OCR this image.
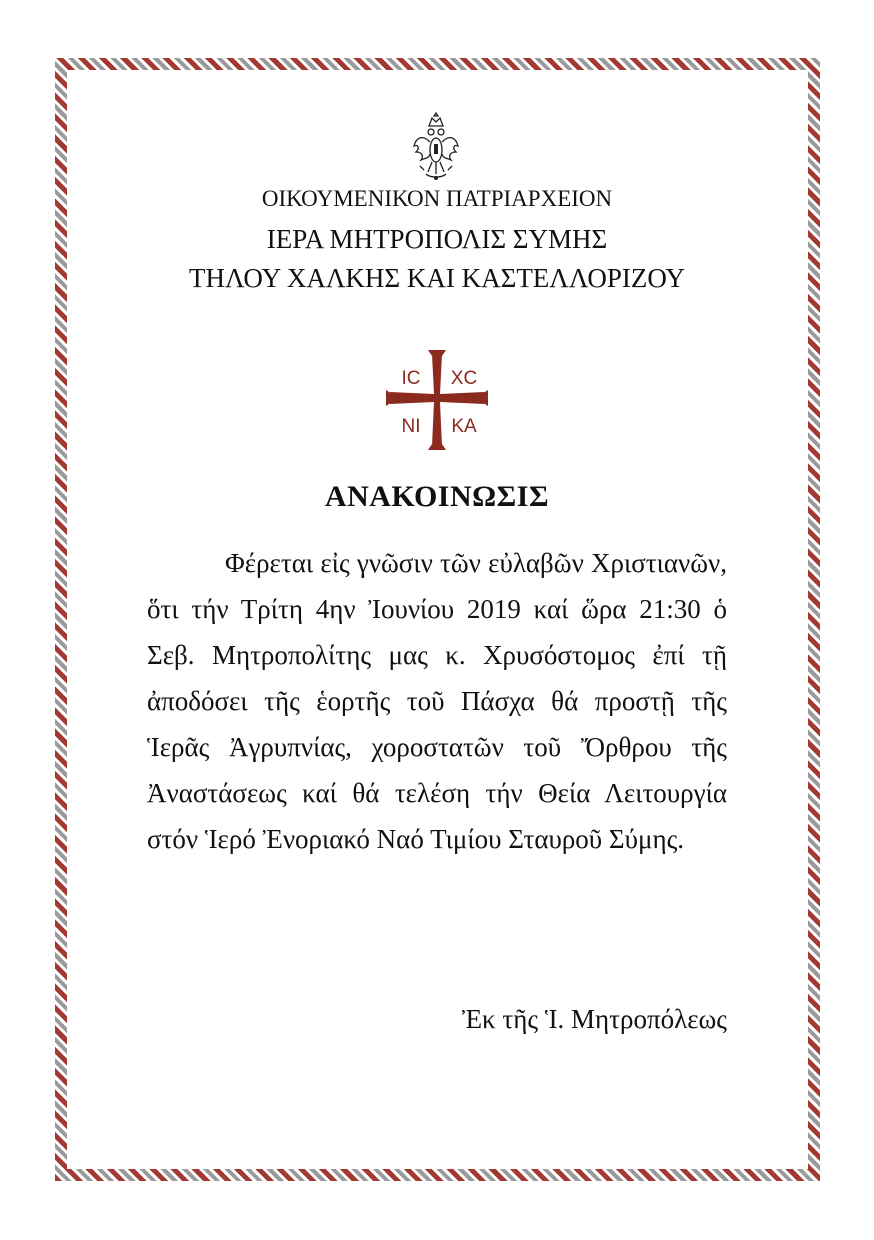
ΟΙΚΟΥΜΕΝΙΚΟΝ ΠΑΤΡΙΑΡΧΕΙΟΝ
ΙΕΡΑ ΜΗΤΡΟΠΟΛΙΣ ΣΥΜΗΣ
ΤΗΛΟΥ ΧΑΛΚΗΣ ΚΑΙ ΚΑΣΤΕΛΛΟΡΙΖΟΥ
IC XC
NI KA
ΑΝΑΚΟΙΝΩΣΙΣ
Φέρεται εἰς γνῶσιν τῶν εὐλαβῶν Χριστιανῶν, ὅτι τήν Τρίτη 4ην Ἰουνίου 2019 καί ὥρα 21:30 ὁ Σεβ. Μητροπολίτης μας κ. Χρυσόστομος ἐπί τῇ ἀποδόσει τῆς ἑορτῆς τοῦ Πάσχα θά προστῇ τῆς Ἱερᾶς Ἀγρυπνίας, χοροστατῶν τοῦ Ὄρθρου τῆς Ἀναστάσεως καί θά τελέση τήν Θεία Λειτουργία στόν Ἱερό Ἐνοριακό Ναό Τιμίου Σταυροῦ Σύμης.
Ἐκ τῆς Ἱ. Μητροπόλεως
